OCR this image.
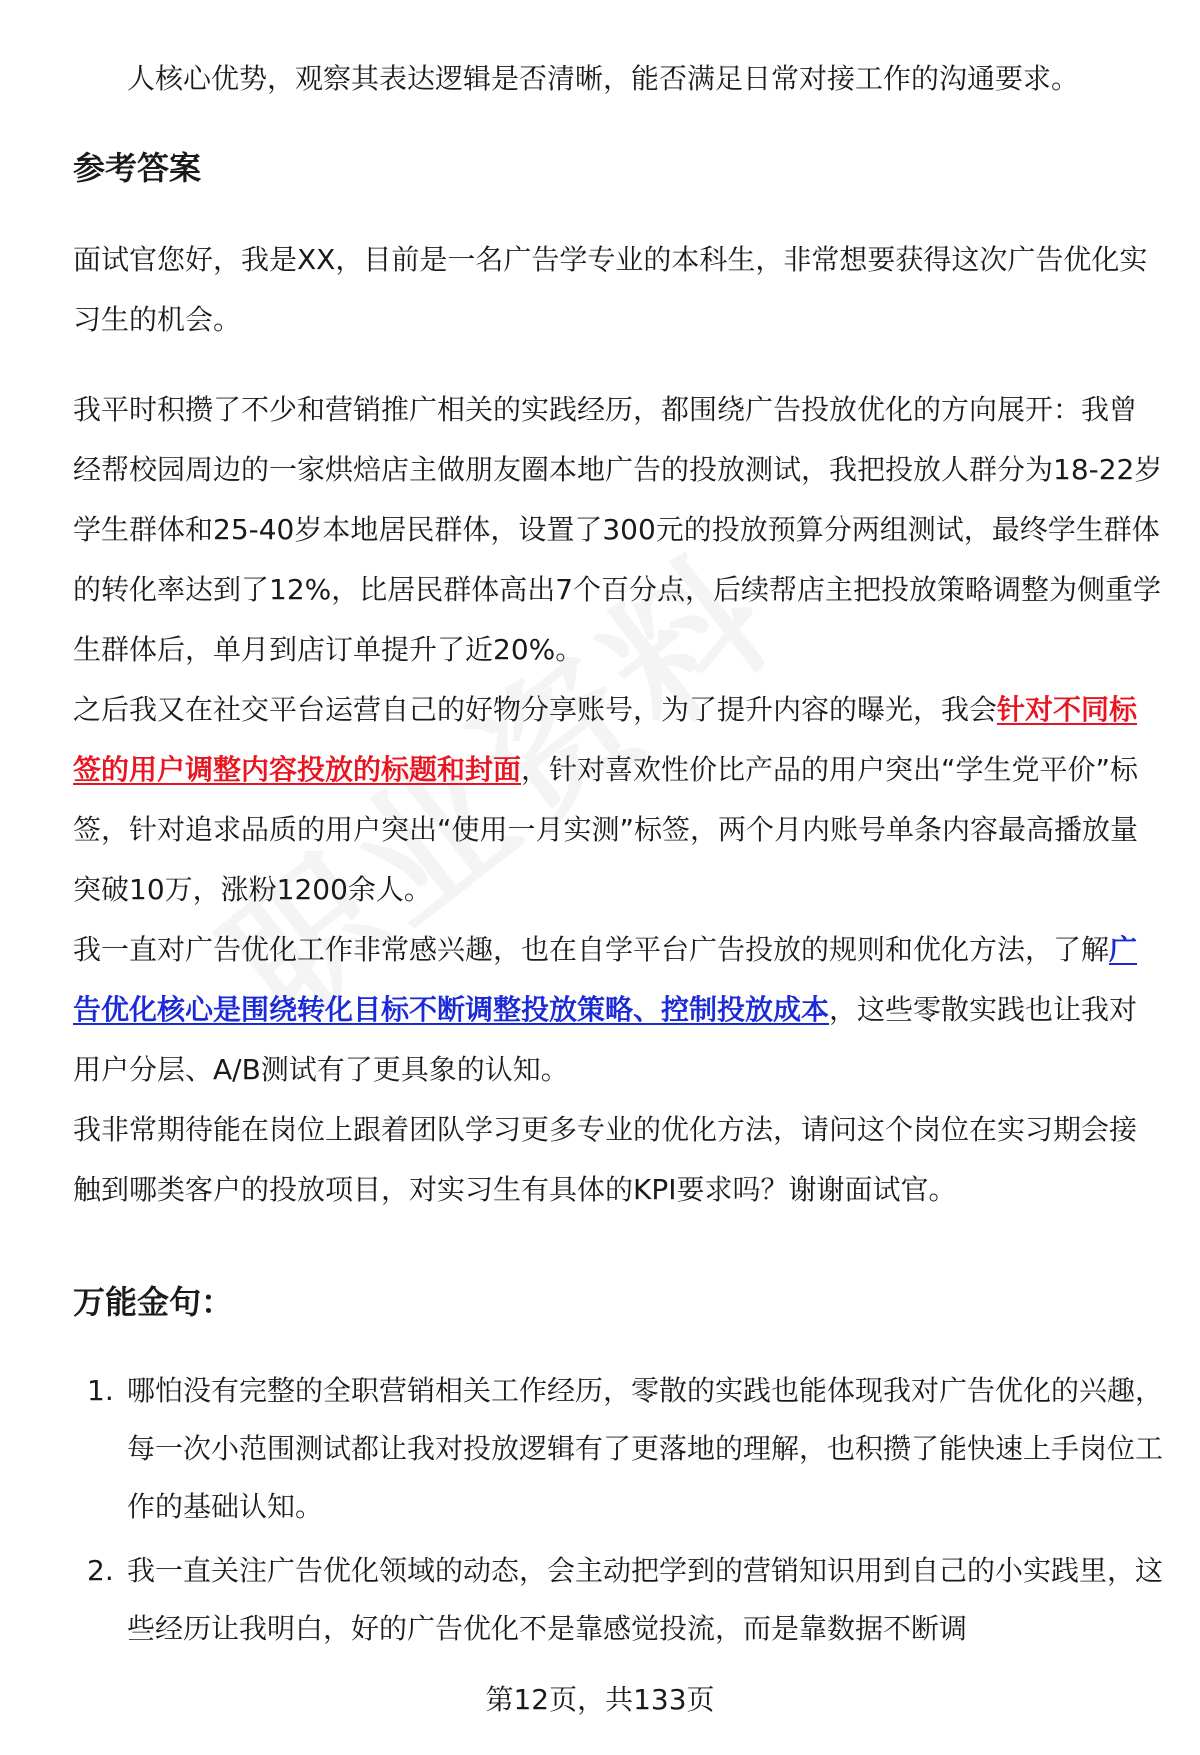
人核心优势，观察其表达逻辑是否清晰，能否满足日常对接工作的沟通要求。

参考答案

面试官您好，我是XX，目前是一名广告学专业的本科生，非常想要获得这次广告优化实习生的机会。

我平时积攒了不少和营销推广相关的实践经历，都围绕广告投放优化的方向展开：我曾经帮校园周边的一家烘焙店主做朋友圈本地广告的投放测试，我把投放人群分为18-22岁学生群体和25-40岁本地居民群体，设置了300元的投放预算分两组测试，最终学生群体的转化率达到了12%，比居民群体高出7个百分点，后续帮店主把投放策略调整为侧重学生群体后，单月到店订单提升了近20%。

之后我又在社交平台运营自己的好物分享账号，为了提升内容的曝光，我会针对不同标签的用户调整内容投放的标题和封面，针对喜欢性价比产品的用户突出“学生党平价”标签，针对追求品质的用户突出“使用一月实测”标签，两个月内账号单条内容最高播放量突破10万，涨粉1200余人。

我一直对广告优化工作非常感兴趣，也在自学平台广告投放的规则和优化方法，了解广告优化核心是围绕转化目标不断调整投放策略、控制投放成本，这些零散实践也让我对用户分层、A/B测试有了更具象的认知。

我非常期待能在岗位上跟着团队学习更多专业的优化方法，请问这个岗位在实习期会接触到哪类客户的投放项目，对实习生有具体的KPI要求吗？谢谢面试官。

万能金句：
1. 哪怕没有完整的全职营销相关工作经历，零散的实践也能体现我对广告优化的兴趣，每一次小范围测试都让我对投放逻辑有了更落地的理解，也积攒了能快速上手岗位工作的基础认知。
2. 我一直关注广告优化领域的动态，会主动把学到的营销知识用到自己的小实践里，这些经历让我明白，好的广告优化不是靠感觉投流，而是靠数据不断调
第12页，共133页
